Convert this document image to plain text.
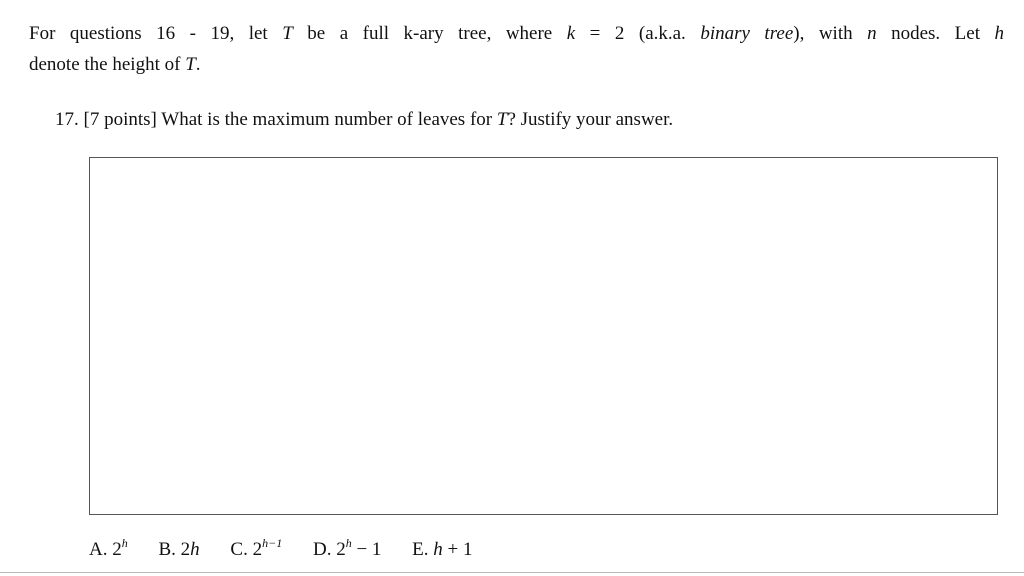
For questions 16 - 19, let T be a full k-ary tree, where k = 2 (a.k.a. binary tree), with n nodes. Let h
denote the height of T.
17. [7 points] What is the maximum number of leaves for T? Justify your answer.
A. 2$^h$ B. 2h C. $2^{h-1}$ D. $2^h - 1$ E. h + 1
